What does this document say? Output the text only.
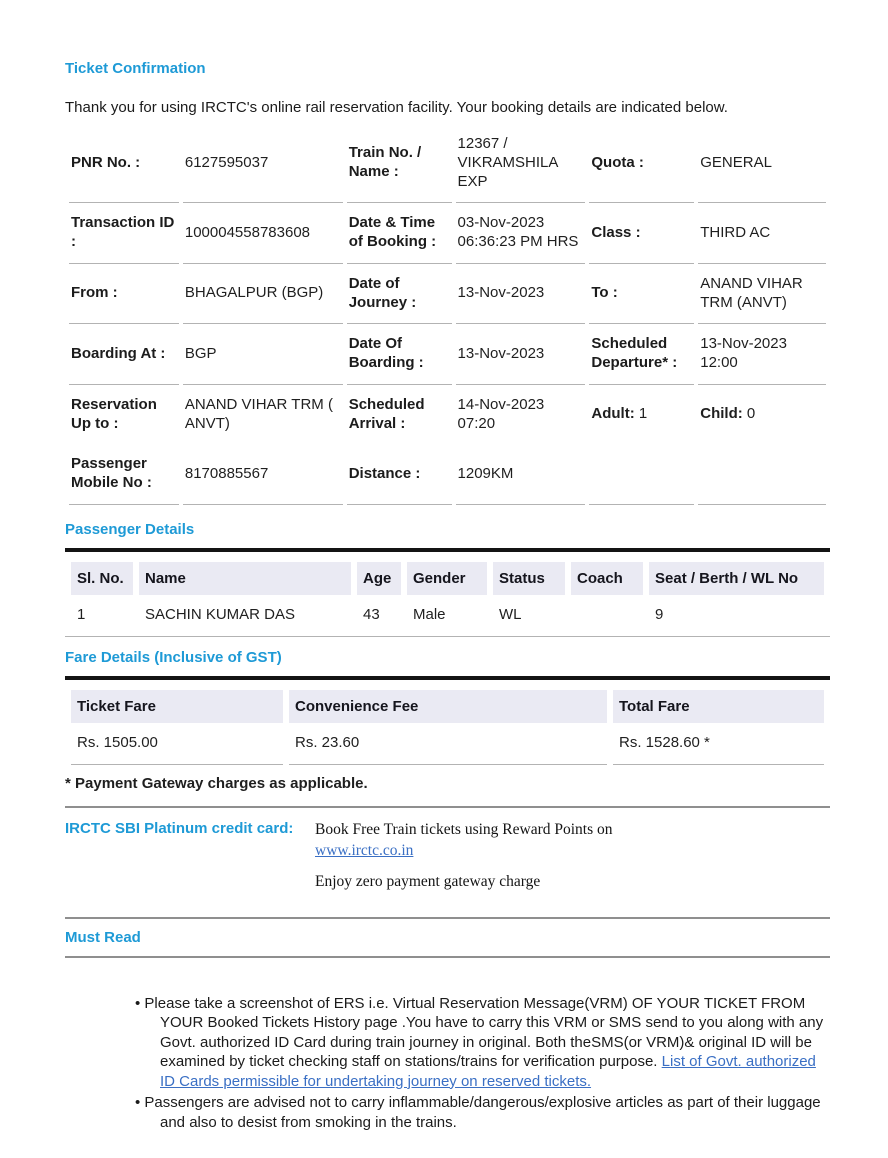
Ticket Confirmation

Thank you for using IRCTC's online rail reservation facility. Your booking details are indicated below.

PNR No. :	6127595037	Train No. / Name :	12367 / VIKRAMSHILA EXP	Quota :	GENERAL
Transaction ID :	100004558783608	Date & Time of Booking :	03-Nov-2023 06:36:23 PM HRS	Class :	THIRD AC
From :	BHAGALPUR (BGP)	Date of Journey :	13-Nov-2023	To :	ANAND VIHAR TRM (ANVT)
Boarding At :	BGP	Date Of Boarding :	13-Nov-2023	Scheduled Departure* :	13-Nov-2023 12:00
Reservation Up to :	ANAND VIHAR TRM ( ANVT)	Scheduled Arrival :	14-Nov-2023 07:20	Adult: 1	Child: 0
Passenger Mobile No :	8170885567	Distance :	1209KM		
Passenger Details
Sl. No.	Name	Age	Gender	Status	Coach	Seat / Berth / WL No
1	SACHIN KUMAR DAS	43	Male	WL		9
Fare Details (Inclusive of GST)
Ticket Fare	Convenience Fee	Total Fare
Rs. 1505.00	Rs. 23.60	Rs. 1528.60 *

* Payment Gateway charges as applicable.

IRCTC SBI Platinum credit card:	Book Free Train tickets using Reward Points on www.irctc.co.in

Enjoy zero payment gateway charge

Must Read
• Please take a screenshot of ERS i.e. Virtual Reservation Message(VRM) OF YOUR TICKET FROM YOUR Booked Tickets History page .You have to carry this VRM or SMS send to you along with any Govt. authorized ID Card during train journey in original. Both theSMS(or VRM)& original ID will be examined by ticket checking staff on stations/trains for verification purpose. List of Govt. authorized ID Cards permissible for undertaking journey on reserved tickets.
• Passengers are advised not to carry inflammable/dangerous/explosive articles as part of their luggage and also to desist from smoking in the trains.
